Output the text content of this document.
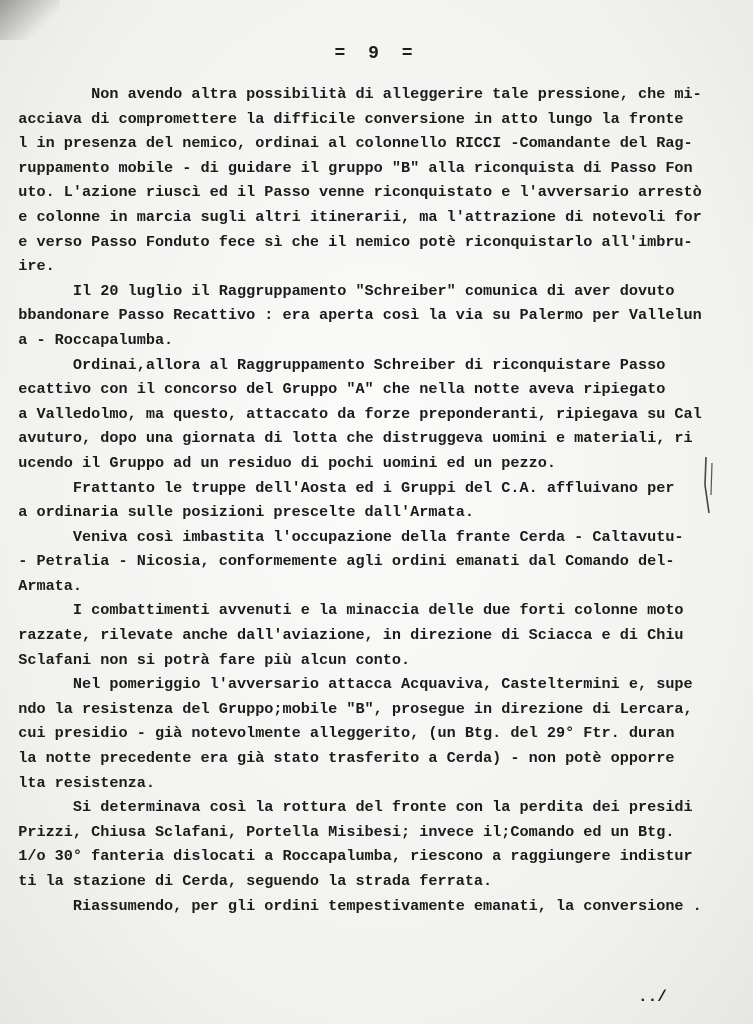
= 9 =
Non avendo altra possibilità di alleggerire tale pressione, che mi-
acciava di compromettere la difficile conversione in atto lungo la fronte
l in presenza del nemico, ordinai al colonnello RICCI -Comandante del Rag-
ruppamento mobile - di guidare il gruppo "B" alla riconquista di Passo Fon
uto. L'azione riuscì ed il Passo venne riconquistato e l'avversario arrestò
e colonne in marcia sugli altri itinerarii, ma l'attrazione di notevoli for
e verso Passo Fonduto fece sì che il nemico potè riconquistarlo all'imbru-
ire.
Il 20 luglio il Raggruppamento "Schreiber" comunica di aver dovuto
bbandonare Passo Recattivo : era aperta così la via su Palermo per Vallelun
a - Roccapalumba.
Ordinai,allora al Raggruppamento Schreiber di riconquistare Passo
ecattivo con il concorso del Gruppo "A" che nella notte aveva ripiegato
a Valledolmo, ma questo, attaccato da forze preponderanti, ripiegava su Cal
avuturo, dopo una giornata di lotta che distruggeva uomini e materiali, ri
ucendo il Gruppo ad un residuo di pochi uomini ed un pezzo.
Frattanto le truppe dell'Aosta ed i Gruppi del C.A. affluivano per
a ordinaria sulle posizioni prescelte dall'Armata.
Veniva così imbastita l'occupazione della frante Cerda - Caltavutu-
- Petralia - Nicosia, conformemente agli ordini emanati dal Comando del-
Armata.
I combattimenti avvenuti e la minaccia delle due forti colonne moto
razzate, rilevate anche dall'aviazione, in direzione di Sciacca e di Chiu
Sclafani non si potrà fare più alcun conto.
Nel pomeriggio l'avversario attacca Acquaviva, Casteltermini e, supe
ndo la resistenza del Gruppo;mobile "B", prosegue in direzione di Lercara,
cui presidio - già notevolmente alleggerito, (un Btg. del 29° Ftr. duran
la notte precedente era già stato trasferito a Cerda) - non potè opporre
lta resistenza.
Si determinava così la rottura del fronte con la perdita dei presidi
Prizzi, Chiusa Sclafani, Portella Misibesi; invece il;Comando ed un Btg.
1/o 30° fanteria dislocati a Roccapalumba, riescono a raggiungere indistur
ti la stazione di Cerda, seguendo la strada ferrata.
Riassumendo, per gli ordini tempestivamente emanati, la conversione .
../
